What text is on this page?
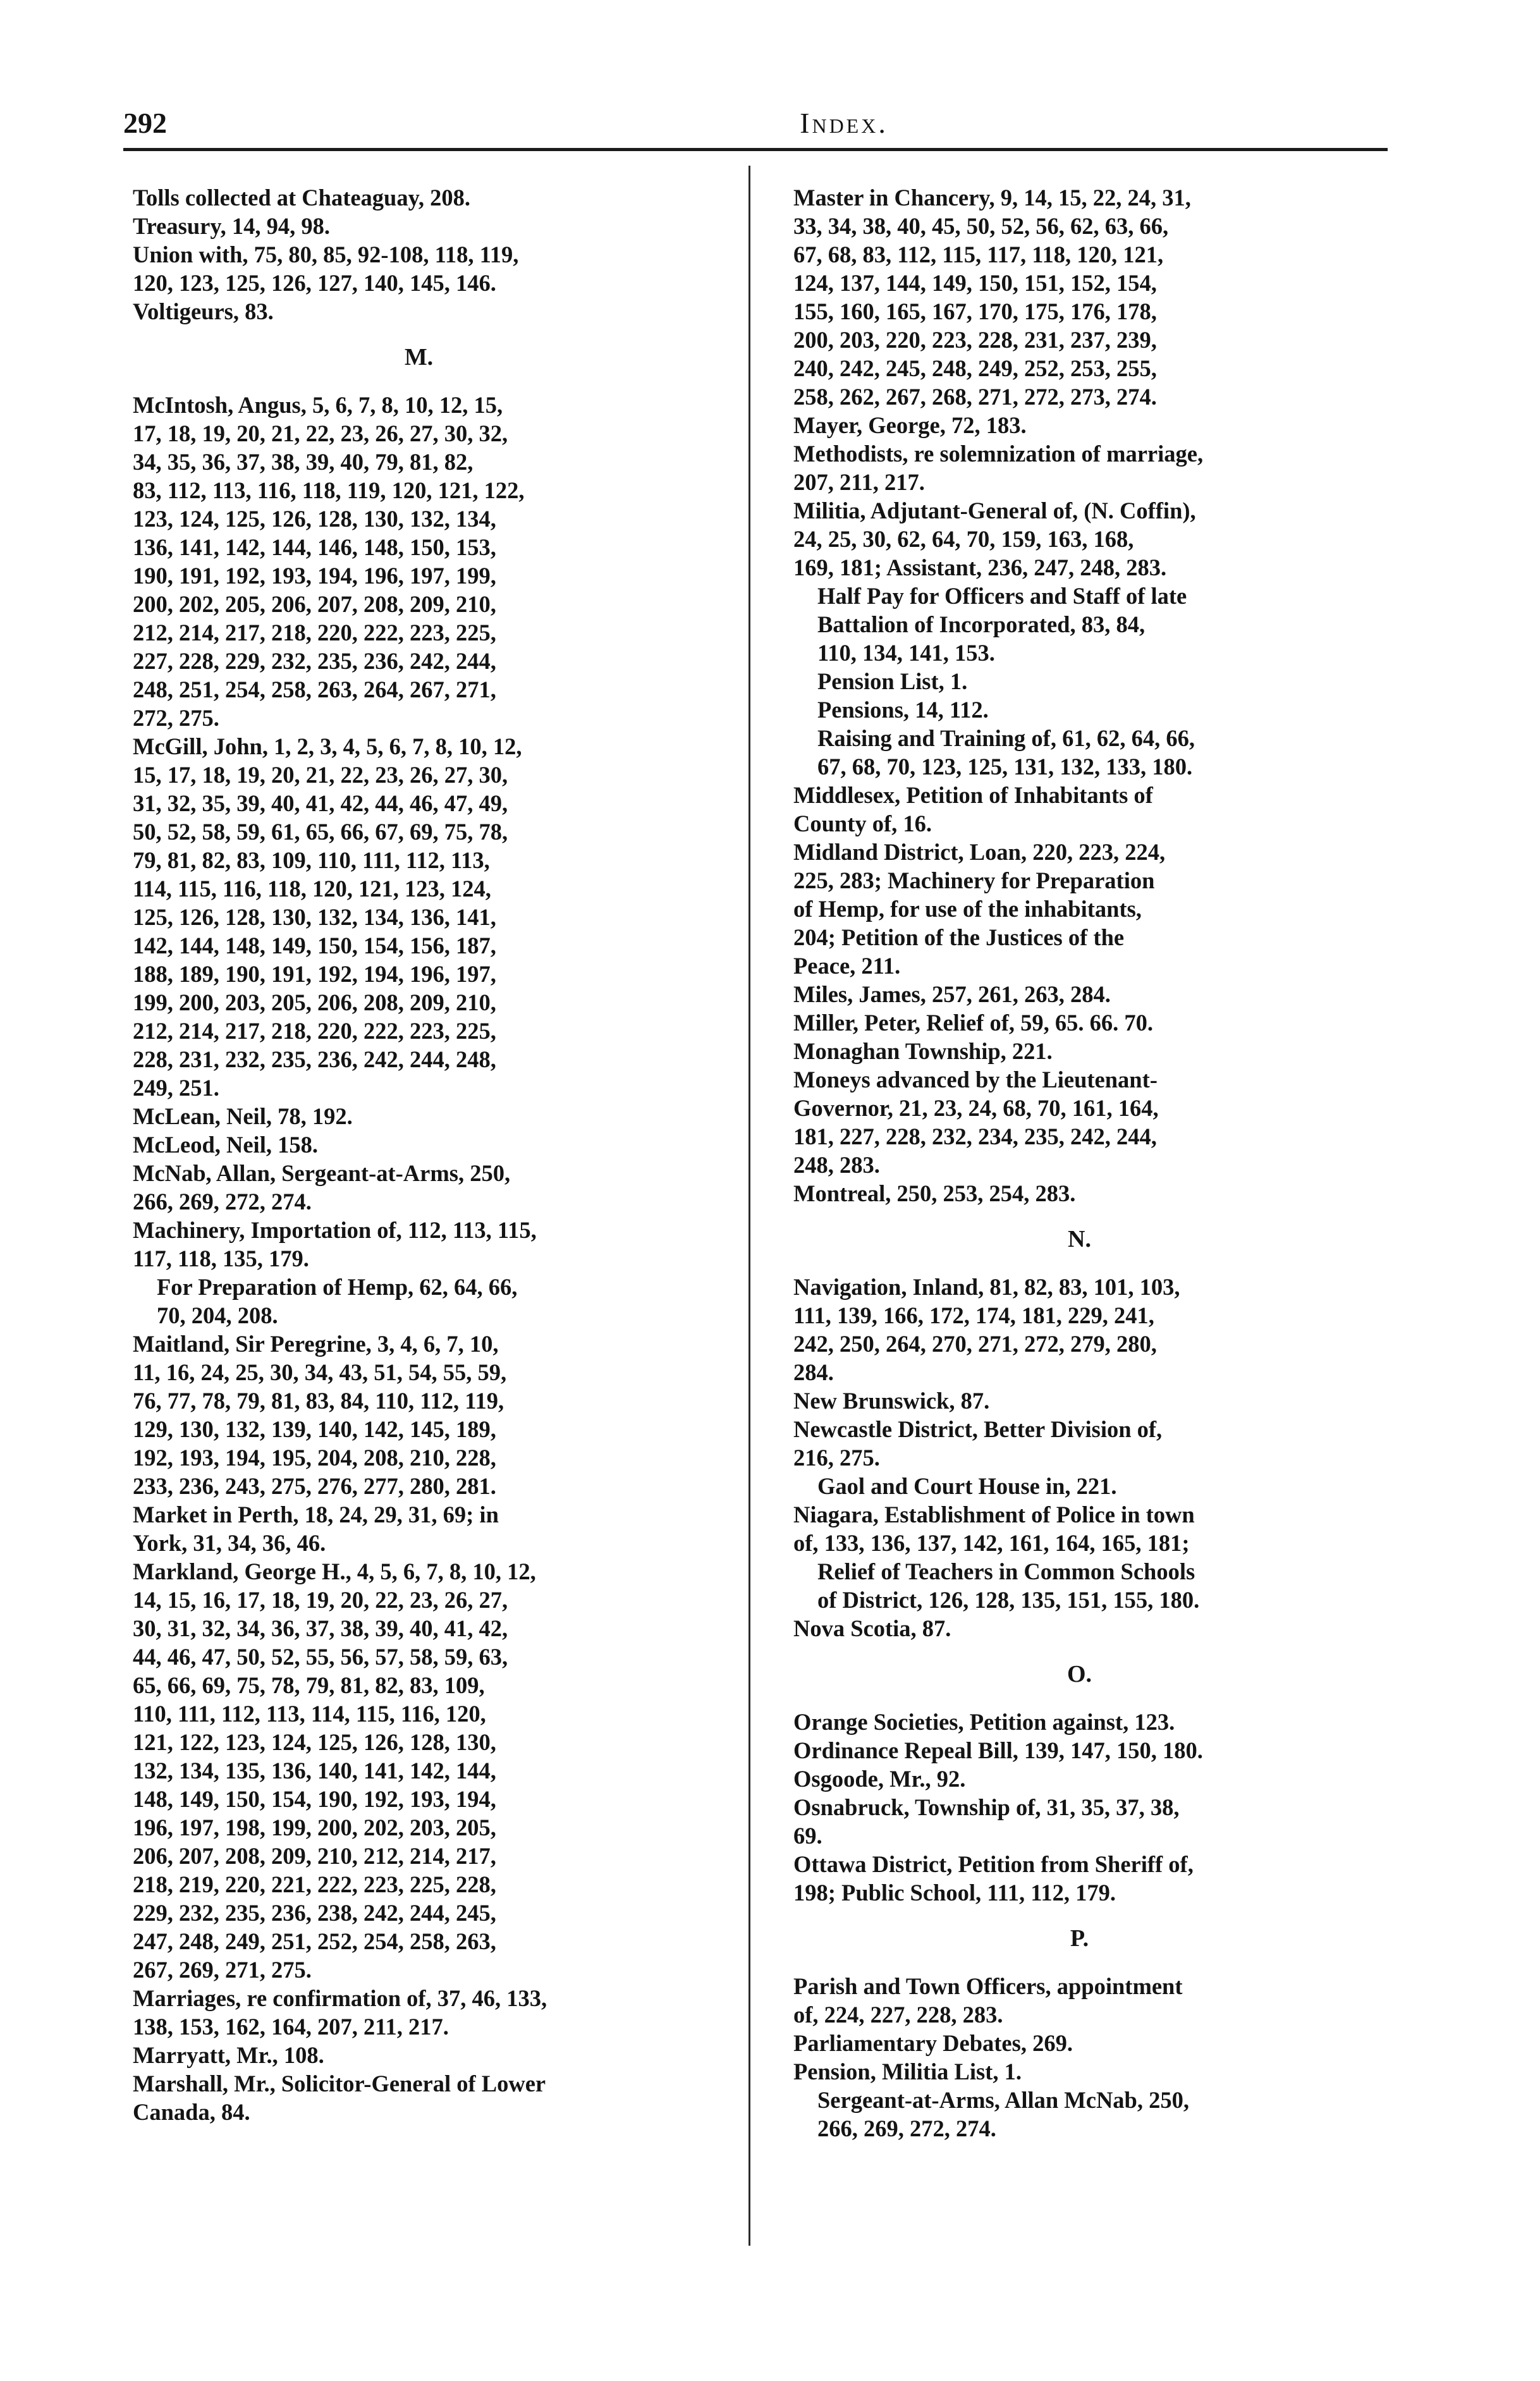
292	Index.
Tolls collected at Chateaguay, 208.
Treasury, 14, 94, 98.
Union with, 75, 80, 85, 92-108, 118, 119,
120, 123, 125, 126, 127, 140, 145, 146.
Voltigeurs, 83.
M.
McIntosh, Angus, 5, 6, 7, 8, 10, 12, 15,
17, 18, 19, 20, 21, 22, 23, 26, 27, 30, 32,
34, 35, 36, 37, 38, 39, 40, 79, 81, 82,
83, 112, 113, 116, 118, 119, 120, 121, 122,
123, 124, 125, 126, 128, 130, 132, 134,
136, 141, 142, 144, 146, 148, 150, 153,
190, 191, 192, 193, 194, 196, 197, 199,
200, 202, 205, 206, 207, 208, 209, 210,
212, 214, 217, 218, 220, 222, 223, 225,
227, 228, 229, 232, 235, 236, 242, 244,
248, 251, 254, 258, 263, 264, 267, 271,
272, 275.
McGill, John, 1, 2, 3, 4, 5, 6, 7, 8, 10, 12,
15, 17, 18, 19, 20, 21, 22, 23, 26, 27, 30,
31, 32, 35, 39, 40, 41, 42, 44, 46, 47, 49,
50, 52, 58, 59, 61, 65, 66, 67, 69, 75, 78,
79, 81, 82, 83, 109, 110, 111, 112, 113,
114, 115, 116, 118, 120, 121, 123, 124,
125, 126, 128, 130, 132, 134, 136, 141,
142, 144, 148, 149, 150, 154, 156, 187,
188, 189, 190, 191, 192, 194, 196, 197,
199, 200, 203, 205, 206, 208, 209, 210,
212, 214, 217, 218, 220, 222, 223, 225,
228, 231, 232, 235, 236, 242, 244, 248,
249, 251.
McLean, Neil, 78, 192.
McLeod, Neil, 158.
McNab, Allan, Sergeant-at-Arms, 250,
266, 269, 272, 274.
Machinery, Importation of, 112, 113, 115,
117, 118, 135, 179.
For Preparation of Hemp, 62, 64, 66,
70, 204, 208.
Maitland, Sir Peregrine, 3, 4, 6, 7, 10,
11, 16, 24, 25, 30, 34, 43, 51, 54, 55, 59,
76, 77, 78, 79, 81, 83, 84, 110, 112, 119,
129, 130, 132, 139, 140, 142, 145, 189,
192, 193, 194, 195, 204, 208, 210, 228,
233, 236, 243, 275, 276, 277, 280, 281.
Market in Perth, 18, 24, 29, 31, 69; in
York, 31, 34, 36, 46.
Markland, George H., 4, 5, 6, 7, 8, 10, 12,
14, 15, 16, 17, 18, 19, 20, 22, 23, 26, 27,
30, 31, 32, 34, 36, 37, 38, 39, 40, 41, 42,
44, 46, 47, 50, 52, 55, 56, 57, 58, 59, 63,
65, 66, 69, 75, 78, 79, 81, 82, 83, 109,
110, 111, 112, 113, 114, 115, 116, 120,
121, 122, 123, 124, 125, 126, 128, 130,
132, 134, 135, 136, 140, 141, 142, 144,
148, 149, 150, 154, 190, 192, 193, 194,
196, 197, 198, 199, 200, 202, 203, 205,
206, 207, 208, 209, 210, 212, 214, 217,
218, 219, 220, 221, 222, 223, 225, 228,
229, 232, 235, 236, 238, 242, 244, 245,
247, 248, 249, 251, 252, 254, 258, 263,
267, 269, 271, 275.
Marriages, re confirmation of, 37, 46, 133,
138, 153, 162, 164, 207, 211, 217.
Marryatt, Mr., 108.
Marshall, Mr., Solicitor-General of Lower
Canada, 84.
Master in Chancery, 9, 14, 15, 22, 24, 31,
33, 34, 38, 40, 45, 50, 52, 56, 62, 63, 66,
67, 68, 83, 112, 115, 117, 118, 120, 121,
124, 137, 144, 149, 150, 151, 152, 154,
155, 160, 165, 167, 170, 175, 176, 178,
200, 203, 220, 223, 228, 231, 237, 239,
240, 242, 245, 248, 249, 252, 253, 255,
258, 262, 267, 268, 271, 272, 273, 274.
Mayer, George, 72, 183.
Methodists, re solemnization of marriage,
207, 211, 217.
Militia, Adjutant-General of, (N. Coffin),
24, 25, 30, 62, 64, 70, 159, 163, 168,
169, 181; Assistant, 236, 247, 248, 283.
Half Pay for Officers and Staff of late
Battalion of Incorporated, 83, 84,
110, 134, 141, 153.
Pension List, 1.
Pensions, 14, 112.
Raising and Training of, 61, 62, 64, 66,
67, 68, 70, 123, 125, 131, 132, 133, 180.
Middlesex, Petition of Inhabitants of
County of, 16.
Midland District, Loan, 220, 223, 224,
225, 283; Machinery for Preparation
of Hemp, for use of the inhabitants,
204; Petition of the Justices of the
Peace, 211.
Miles, James, 257, 261, 263, 284.
Miller, Peter, Relief of, 59, 65. 66. 70.
Monaghan Township, 221.
Moneys advanced by the Lieutenant-
Governor, 21, 23, 24, 68, 70, 161, 164,
181, 227, 228, 232, 234, 235, 242, 244,
248, 283.
Montreal, 250, 253, 254, 283.
N.
Navigation, Inland, 81, 82, 83, 101, 103,
111, 139, 166, 172, 174, 181, 229, 241,
242, 250, 264, 270, 271, 272, 279, 280,
284.
New Brunswick, 87.
Newcastle District, Better Division of,
216, 275.
Gaol and Court House in, 221.
Niagara, Establishment of Police in town
of, 133, 136, 137, 142, 161, 164, 165, 181;
Relief of Teachers in Common Schools
of District, 126, 128, 135, 151, 155, 180.
Nova Scotia, 87.
O.
Orange Societies, Petition against, 123.
Ordinance Repeal Bill, 139, 147, 150, 180.
Osgoode, Mr., 92.
Osnabruck, Township of, 31, 35, 37, 38,
69.
Ottawa District, Petition from Sheriff of,
198; Public School, 111, 112, 179.
P.
Parish and Town Officers, appointment
of, 224, 227, 228, 283.
Parliamentary Debates, 269.
Pension, Militia List, 1.
Sergeant-at-Arms, Allan McNab, 250,
266, 269, 272, 274.
